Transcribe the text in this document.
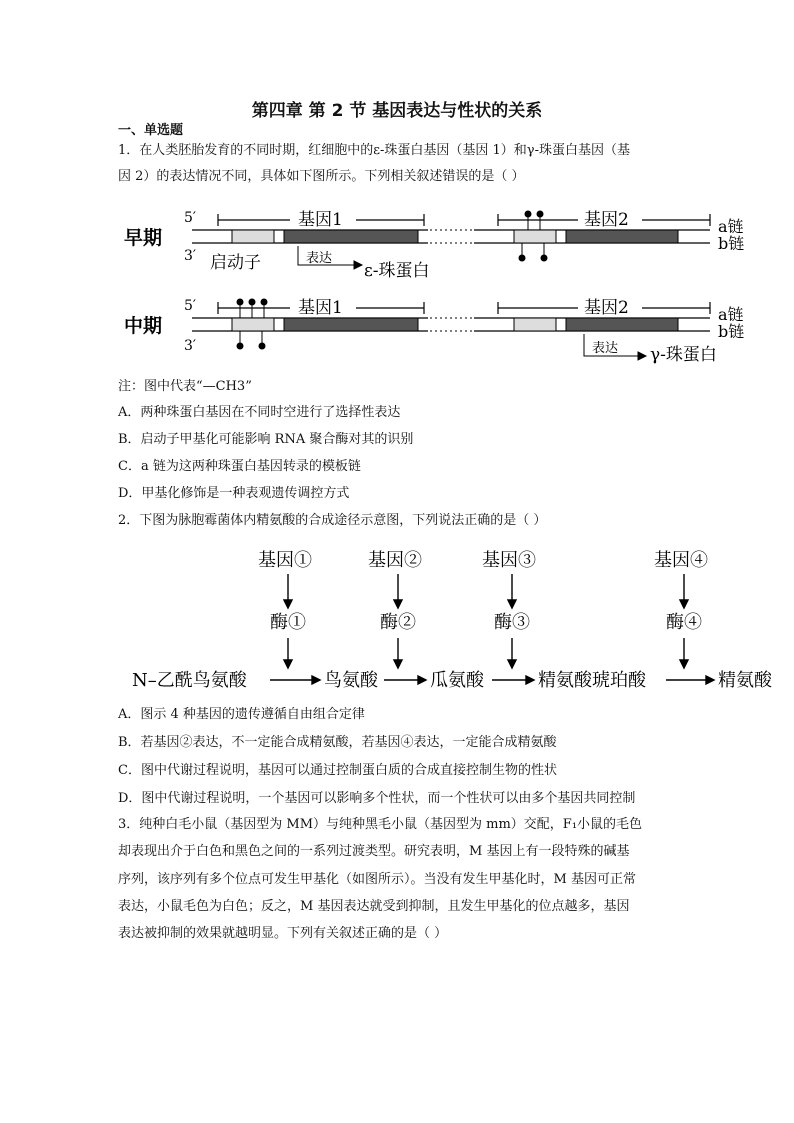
第四章 第 2 节 基因表达与性状的关系
一、单选题
1．在人类胚胎发育的不同时期，红细胞中的ε-珠蛋白基因（基因 1）和γ-珠蛋白基因（基
因 2）的表达情况不同，具体如下图所示。下列相关叙述错误的是（ ）
早期
5′
3′
基因1	基因2	a链
b链
启动子	表达
ε-珠蛋白
中期
5′
3′
基因1	基因2	a链
b链
表达 γ-珠蛋白
注：图中代表“—CH3”
A．两种珠蛋白基因在不同时空进行了选择性表达
B．启动子甲基化可能影响 RNA 聚合酶对其的识别
C．a 链为这两种珠蛋白基因转录的模板链
D．甲基化修饰是一种表观遗传调控方式
2．下图为脉胞霉菌体内精氨酸的合成途径示意图，下列说法正确的是（ ）
基因①	基因②	基因③	基因④
酶①	酶②	酶③	酶④
N–乙酰鸟氨酸	鸟氨酸	瓜氨酸	精氨酸琥珀酸	精氨酸
A．图示 4 种基因的遗传遵循自由组合定律
B．若基因②表达，不一定能合成精氨酸，若基因④表达，一定能合成精氨酸
C．图中代谢过程说明，基因可以通过控制蛋白质的合成直接控制生物的性状
D．图中代谢过程说明，一个基因可以影响多个性状，而一个性状可以由多个基因共同控制
3．纯种白毛小鼠（基因型为 MM）与纯种黑毛小鼠（基因型为 mm）交配，F₁小鼠的毛色
却表现出介于白色和黑色之间的一系列过渡类型。研究表明，M 基因上有一段特殊的碱基
序列，该序列有多个位点可发生甲基化（如图所示）。当没有发生甲基化时，M 基因可正常
表达，小鼠毛色为白色；反之，M 基因表达就受到抑制，且发生甲基化的位点越多，基因
表达被抑制的效果就越明显。下列有关叙述正确的是（ ）
